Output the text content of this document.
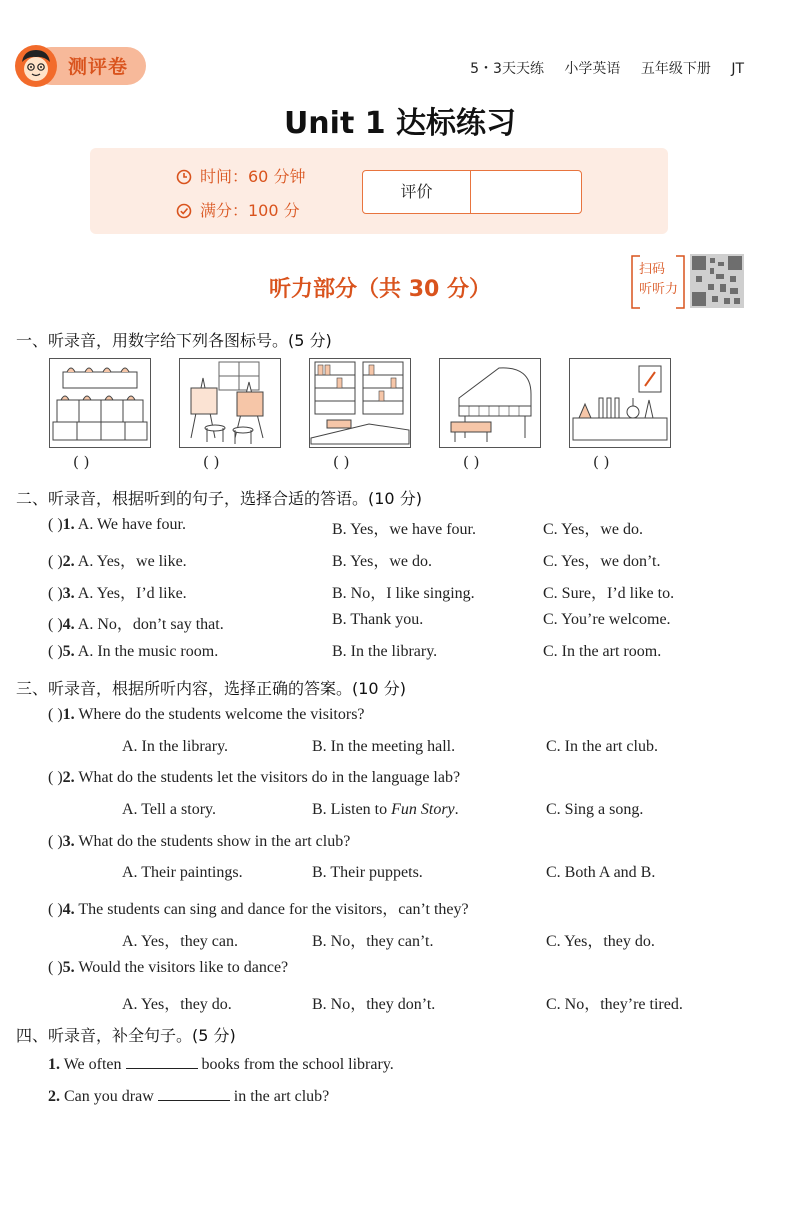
测评卷	5・3天天练 小学英语 五年级下册 JT
Unit 1 达标练习
时间：60 分钟
满分：100 分
评价
听力部分（共 30 分）
扫码
听听力
一、听录音，用数字给下列各图标号。(5 分)
( )	( )	( )	( )	( )
二、听录音，根据听到的句子，选择合适的答语。(10 分)
( )1. A. We have four.	B. Yes，we have four.	C. Yes，we do.
( )2. A. Yes，we like.	B. Yes，we do.	C. Yes，we don’t.
( )3. A. Yes，I’d like.	B. No，I like singing.	C. Sure，I’d like to.
( )4. A. No，don’t say that.	B. Thank you.	C. You’re welcome.
( )5. A. In the music room.	B. In the library.	C. In the art room.
三、听录音，根据所听内容，选择正确的答案。(10 分)
( )1. Where do the students welcome the visitors?
A. In the library.	B. In the meeting hall.	C. In the art club.
( )2. What do the students let the visitors do in the language lab?
A. Tell a story.	B. Listen to Fun Story.	C. Sing a song.
( )3. What do the students show in the art club?
A. Their paintings.	B. Their puppets.	C. Both A and B.
( )4. The students can sing and dance for the visitors，can’t they?
A. Yes，they can.	B. No，they can’t.	C. Yes，they do.
( )5. Would the visitors like to dance?
A. Yes，they do.	B. No，they don’t.	C. No，they’re tired.
四、听录音，补全句子。(5 分)
1. We often	books from the school library.
2. Can you draw	in the art club?
